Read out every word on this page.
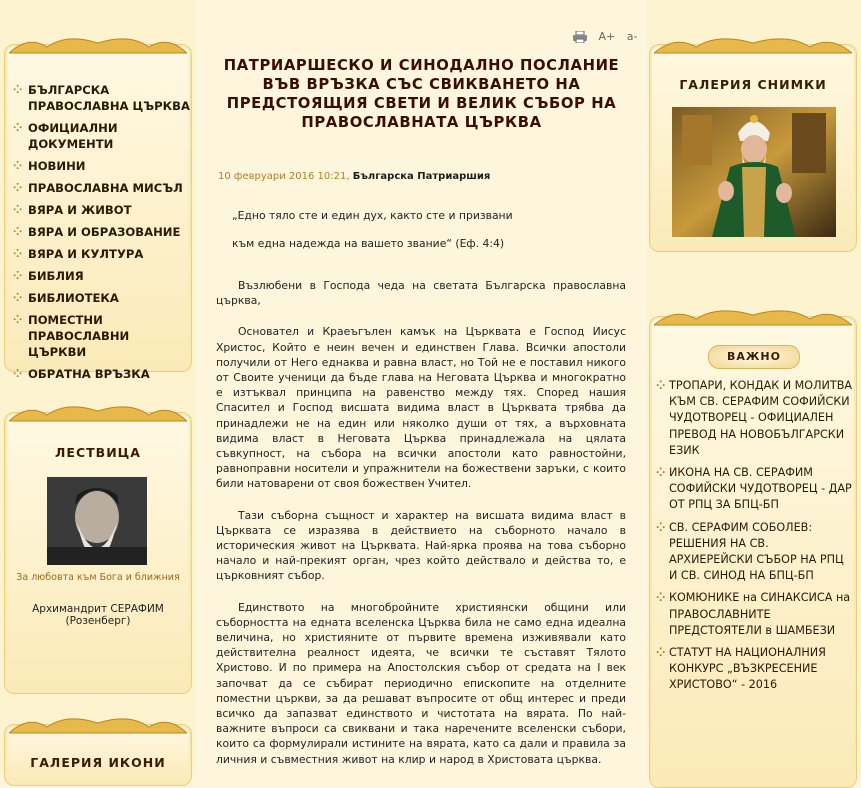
⁘ БЪЛГАРСКА ПРАВОСЛАВНА ЦЪРКВА
⁘ ОФИЦИАЛНИ ДОКУМЕНТИ
⁘ НОВИНИ
⁘ ПРАВОСЛАВНА МИСЪЛ
⁘ ВЯРА И ЖИВОТ
⁘ ВЯРА И ОБРАЗОВАНИЕ
⁘ ВЯРА И КУЛТУРА
⁘ БИБЛИЯ
⁘ БИБЛИОТЕКА
⁘ ПОМЕСТНИ ПРАВОСЛАВНИ ЦЪРКВИ
⁘ ОБРАТНА ВРЪЗКА
ЛЕСТВИЦА
За любовта към Бога и ближния
Архимандрит СЕРАФИМ
(Розенберг)
ГАЛЕРИЯ ИКОНИ
A+ a-
ПАТРИАРШЕСКО И СИНОДАЛНО ПОСЛАНИЕ ВЪВ ВРЪЗКА СЪС СВИКВАНЕТО НА ПРЕДСТОЯЩИЯ СВЕТИ И ВЕЛИК СЪБОР НА ПРАВОСЛАВНАТА ЦЪРКВА
10 февруари 2016 10:21, Българска Патриаршия
„Едно тяло сте и един дух, както сте и призвани
към една надежда на вашето звание“ (Еф. 4:4)

Възлюбени в Господа чеда на светата Българска православна църква,

Основател и Краеъгълен камък на Църквата е Господ Иисус Христос, Който е неин вечен и единствен Глава. Всички апостоли получили от Него еднаква и равна власт, но Той не е поставил никого от Своите ученици да бъде глава на Неговата Църква и многократно е изтъквал принципа на равенство между тях. Според нашия Спасител и Господ висшата видима власт в Църквата трябва да принадлежи не на един или няколко души от тях, а върховната видима власт в Неговата Църква принадлежала на цялата съвкупност, на събора на всички апостоли като равностойни, равноправни носители и упражнители на божествени заръки, с които били натоварени от своя божествен Учител.

Тази съборна същност и характер на висшата видима власт в Църквата се изразява в действието на съборното начало в историческия живот на Църквата. Най-ярка проява на това съборно начало и най-прекият орган, чрез който действало и действа то, е църковният събор.

Единството на многобройните християнски общини или съборността на едната вселенска Църква била не само една идеална величина, но християните от първите времена изживявали като действителна реалност идеята, че всички те съставят Тялото Христово. И по примера на Апостолския събор от средата на I век започват да се събират периодично епископите на отделните поместни църкви, за да решават въпросите от общ интерес и преди всичко да запазват единството и чистотата на вярата. По най-важните въпроси са свиквани и така наречените вселенски събори, които са формулирали истините на вярата, като са дали и правила за личния и съвместния живот на клир и народ в Христовата църква.

ГАЛЕРИЯ СНИМКИ
ВАЖНО
⁘ ТРОПАРИ, КОНДАК И МОЛИТВА КЪМ СВ. СЕРАФИМ СОФИЙСКИ ЧУДОТВОРЕЦ - ОФИЦИАЛЕН ПРЕВОД НА НОВОБЪЛГАРСКИ ЕЗИК
⁘ ИКОНА НА СВ. СЕРАФИМ СОФИЙСКИ ЧУДОТВОРЕЦ - ДАР ОТ РПЦ ЗА БПЦ-БП
⁘ СВ. СЕРАФИМ СОБОЛЕВ: РЕШЕНИЯ НА СВ. АРХИЕРЕЙСКИ СЪБОР НА РПЦ И СВ. СИНОД НА БПЦ-БП
⁘ КОМЮНИКЕ на СИНАКСИСА на ПРАВОСЛАВНИТЕ ПРЕДСТОЯТЕЛИ в ШАМБЕЗИ
⁘ СТАТУТ НА НАЦИОНАЛНИЯ КОНКУРС „ВЪЗКРЕСЕНИЕ ХРИСТОВО“ - 2016
